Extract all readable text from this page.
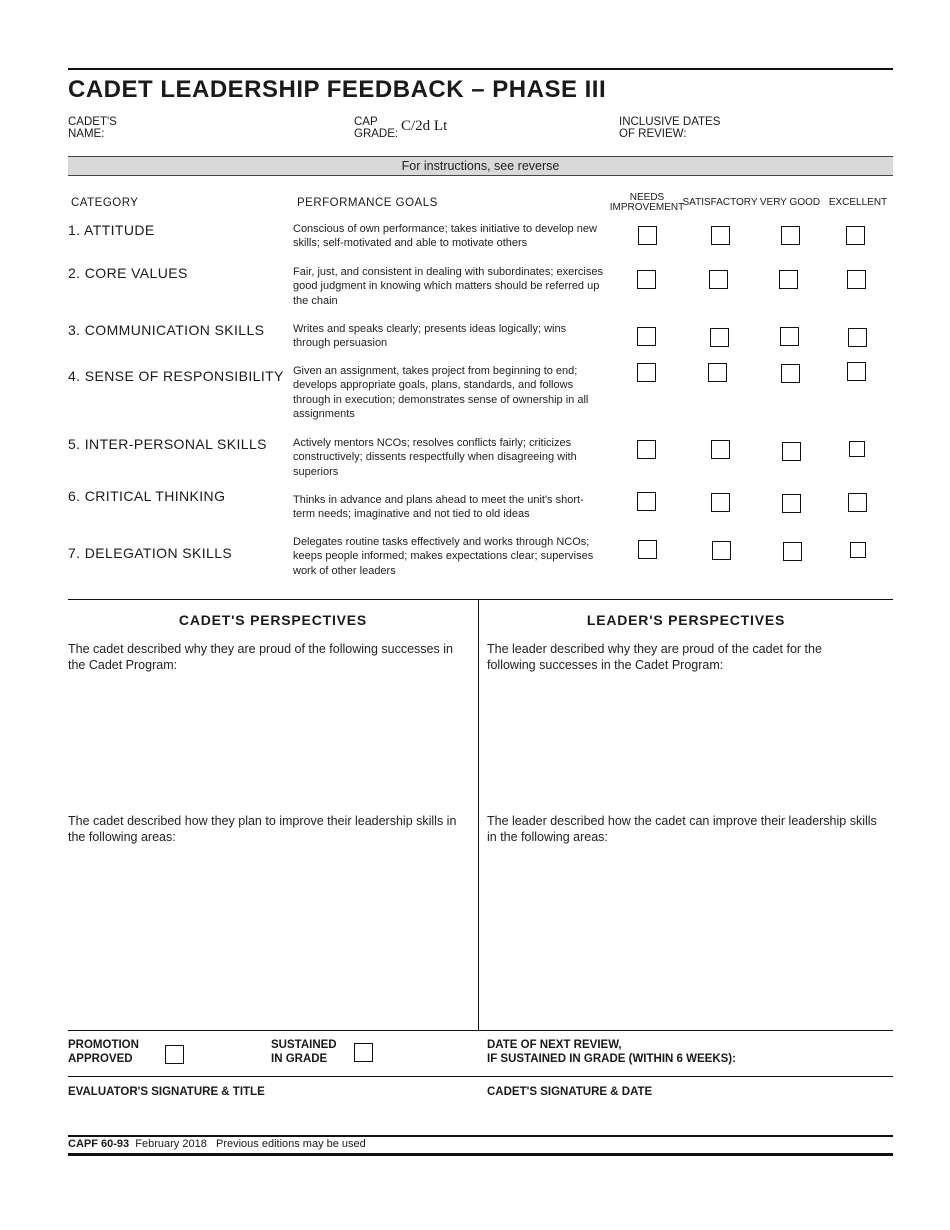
CADET LEADERSHIP FEEDBACK – PHASE III
CADET'S
NAME:
CAP
GRADE: C/2d Lt	INCLUSIVE DATES
OF REVIEW:
For instructions, see reverse
CATEGORY	PERFORMANCE GOALS	NEEDS
IMPROVEMENT
SATISFACTORY VERY GOOD EXCELLENT
1. ATTITUDE	Conscious of own performance; takes initiative to develop new skills; self-motivated and able to motivate others
2. CORE VALUES	Fair, just, and consistent in dealing with subordinates; exercises good judgment in knowing which matters should be referred up the chain
3. COMMUNICATION SKILLS	Writes and speaks clearly; presents ideas logically; wins through persuasion
4. SENSE OF RESPONSIBILITY Given an assignment, takes project from beginning to end; develops appropriate goals, plans, standards, and follows through in execution; demonstrates sense of ownership in all assignments
5. INTER-PERSONAL SKILLS Actively mentors NCOs; resolves conflicts fairly; criticizes constructively; dissents respectfully when disagreeing with superiors
6. CRITICAL THINKING	Thinks in advance and plans ahead to meet the unit's short-term needs; imaginative and not tied to old ideas
7. DELEGATION SKILLS
Delegates routine tasks effectively and works through NCOs; keeps people informed; makes expectations clear; supervises work of other leaders
CADET'S PERSPECTIVES	LEADER'S PERSPECTIVES
The cadet described why they are proud of the following successes in the Cadet Program:
The leader described why they are proud of the cadet for the following successes in the Cadet Program:
The cadet described how they plan to improve their leadership skills in the following areas:
The leader described how the cadet can improve their leadership skills in the following areas:
PROMOTION
APPROVED
SUSTAINED
IN GRADE
DATE OF NEXT REVIEW,
IF SUSTAINED IN GRADE (WITHIN 6 WEEKS):
EVALUATOR'S SIGNATURE & TITLE	CADET'S SIGNATURE & DATE
CAPF 60-93 February 2018 Previous editions may be used
